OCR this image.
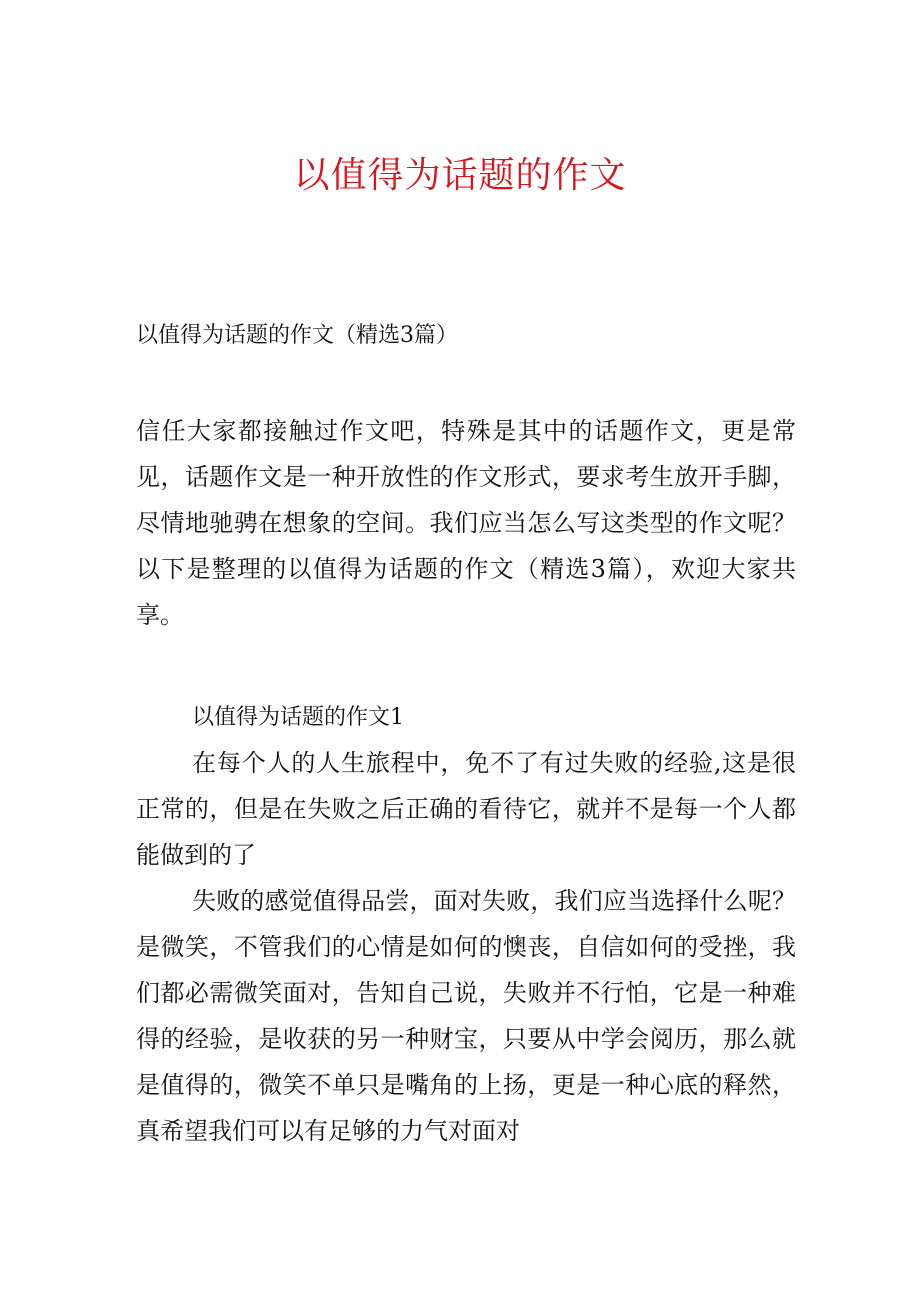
以值得为话题的作文

以值得为话题的作文（精选3篇）

信任大家都接触过作文吧，特殊是其中的话题作文，更是常见，话题作文是一种开放性的作文形式，要求考生放开手脚，尽情地驰骋在想象的空间。我们应当怎么写这类型的作文呢？以下是整理的以值得为话题的作文（精选3篇），欢迎大家共享。

以值得为话题的作文1

在每个人的人生旅程中，免不了有过失败的经验,这是很正常的，但是在失败之后正确的看待它，就并不是每一个人都能做到的了

失败的感觉值得品尝，面对失败，我们应当选择什么呢？是微笑，不管我们的心情是如何的懊丧，自信如何的受挫，我们都必需微笑面对，告知自己说，失败并不行怕，它是一种难得的经验，是收获的另一种财宝，只要从中学会阅历，那么就是值得的，微笑不单只是嘴角的上扬，更是一种心底的释然，真希望我们可以有足够的力气对面对
